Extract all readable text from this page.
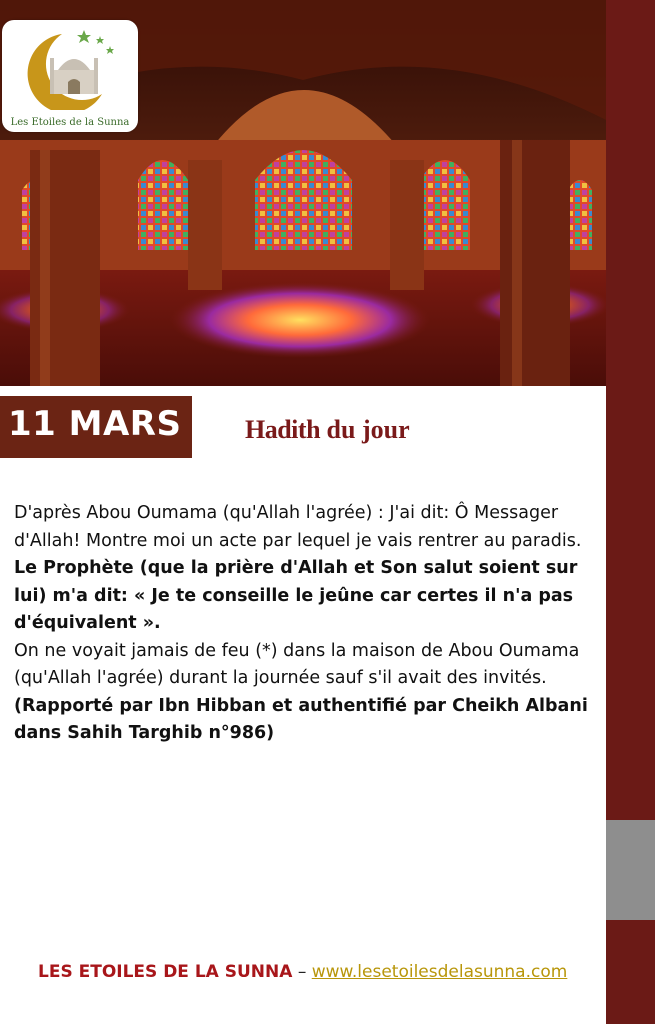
Les Etoiles de la Sunna
11 MARS Hadith du jour

D'après Abou Oumama (qu'Allah l'agrée) : J'ai dit: Ô Messager d'Allah! Montre moi un acte par lequel je vais rentrer au paradis.

Le Prophète (que la prière d'Allah et Son salut soient sur lui) m'a dit: « Je te conseille le jeûne car certes il n'a pas d'équivalent ».

On ne voyait jamais de feu (*) dans la maison de Abou Oumama (qu'Allah l'agrée) durant la journée sauf s'il avait des invités.

(Rapporté par Ibn Hibban et authentifié par Cheikh Albani dans Sahih Targhib n°986)

LES ETOILES DE LA SUNNA – www.lesetoilesdelasunna.com
